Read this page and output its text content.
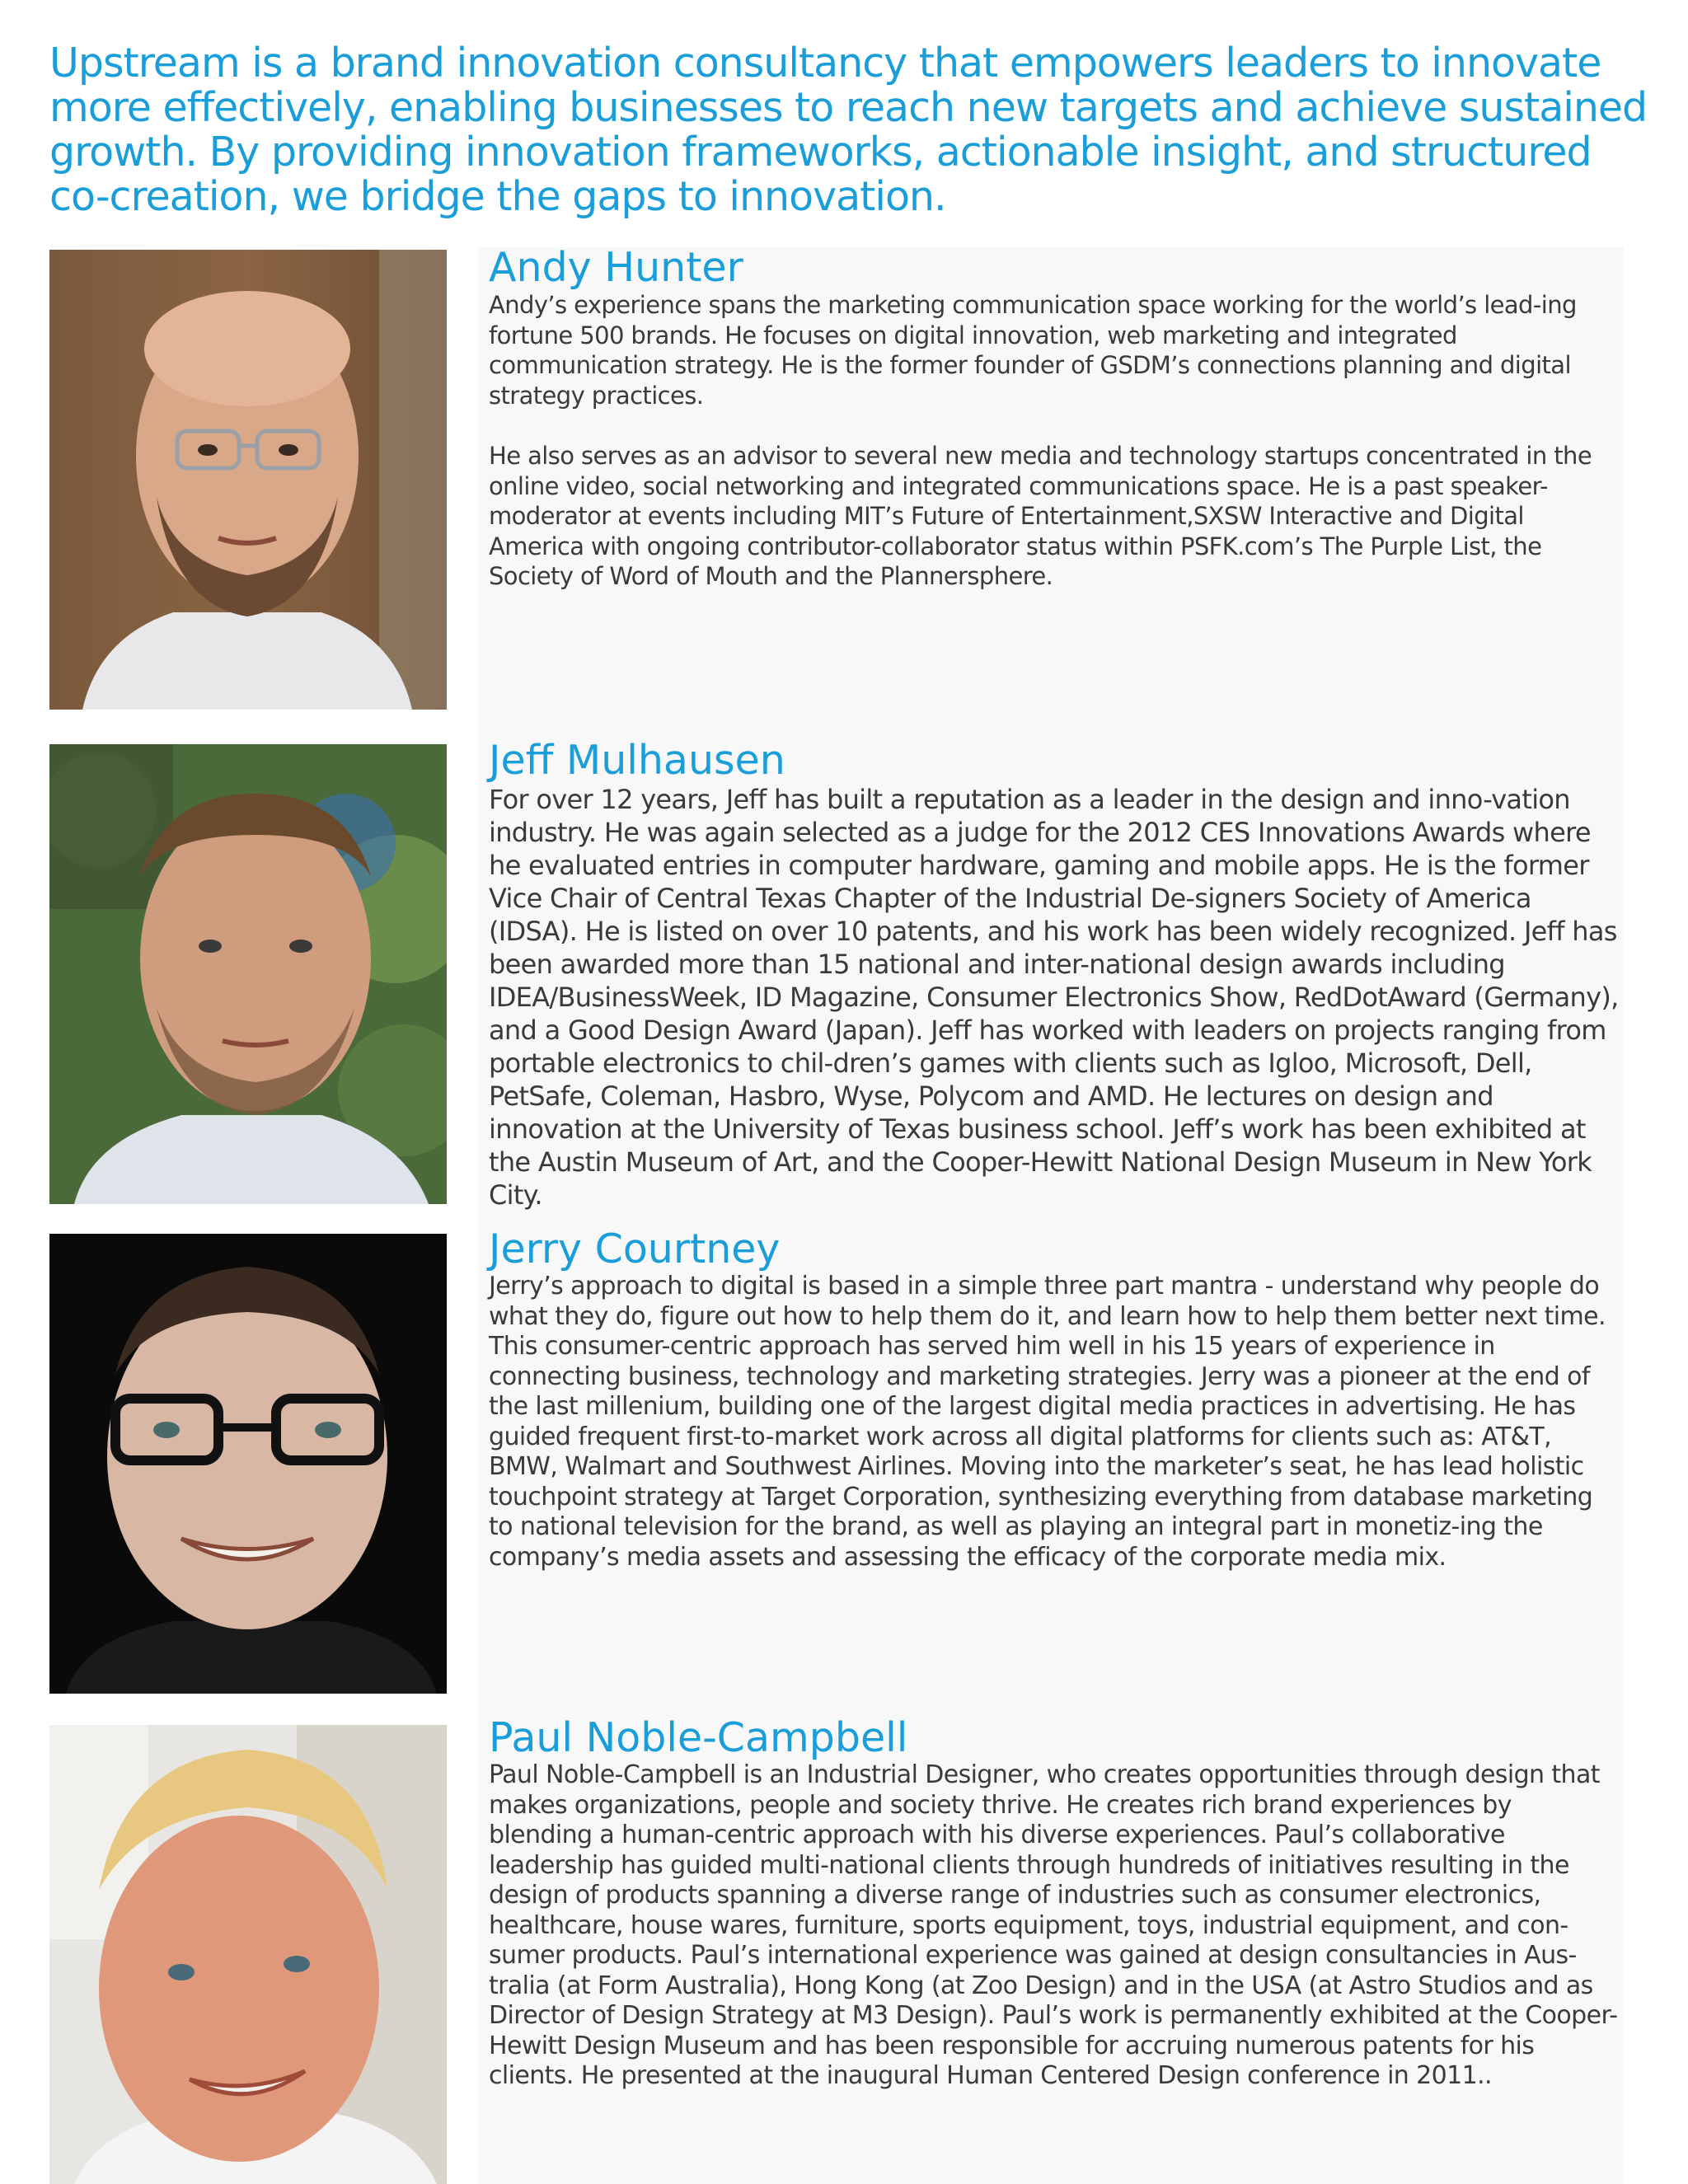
Upstream is a brand innovation consultancy that empowers leaders to innovate more effectively, enabling businesses to reach new targets and achieve sustained growth. By providing innovation frameworks, actionable insight, and structured co-creation, we bridge the gaps to innovation.
Andy Hunter

Andy’s experience spans the marketing communication space working for the world’s lead-ing fortune 500 brands. He focuses on digital innovation, web marketing and integrated communication strategy. He is the former founder of GSDM’s connections planning and digital strategy practices.

He also serves as an advisor to several new media and technology startups concentrated in the online video, social networking and integrated communications space. He is a past speaker-moderator at events including MIT’s Future of Entertainment,SXSW Interactive and Digital America with ongoing contributor-collaborator status within PSFK.com’s The Purple List, the Society of Word of Mouth and the Plannersphere.

Jeff Mulhausen

For over 12 years, Jeff has built a reputation as a leader in the design and inno-vation industry. He was again selected as a judge for the 2012 CES Innovations Awards where he evaluated entries in computer hardware, gaming and mobile apps. He is the former Vice Chair of Central Texas Chapter of the Industrial De-signers Society of America (IDSA). He is listed on over 10 patents, and his work has been widely recognized. Jeff has been awarded more than 15 national and inter-national design awards including IDEA/BusinessWeek, ID Magazine, Consumer Electronics Show, RedDotAward (Germany), and a Good Design Award (Japan). Jeff has worked with leaders on projects ranging from portable electronics to chil-dren’s games with clients such as Igloo, Microsoft, Dell, PetSafe, Coleman, Hasbro, Wyse, Polycom and AMD. He lectures on design and innovation at the University of Texas business school. Jeff’s work has been exhibited at the Austin Museum of Art, and the Cooper-Hewitt National Design Museum in New York City.

Jerry Courtney

Jerry’s approach to digital is based in a simple three part mantra - understand why people do what they do, figure out how to help them do it, and learn how to help them better next time. This consumer-centric approach has served him well in his 15 years of experience in connecting business, technology and marketing strategies. Jerry was a pioneer at the end of the last millenium, building one of the largest digital media practices in advertising. He has guided frequent first-to-market work across all digital platforms for clients such as: AT&T, BMW, Walmart and Southwest Airlines. Moving into the marketer’s seat, he has lead holistic touchpoint strategy at Target Corporation, synthesizing everything from database marketing to national television for the brand, as well as playing an integral part in monetiz-ing the company’s media assets and assessing the efficacy of the corporate media mix.

Paul Noble-Campbell

Paul Noble-Campbell is an Industrial Designer, who creates opportunities through design that makes organizations, people and society thrive. He creates rich brand experiences by blending a human-centric approach with his diverse experiences. Paul’s collaborative leadership has guided multi-national clients through hundreds of initiatives resulting in the design of products spanning a diverse range of industries such as consumer electronics, healthcare, house wares, furniture, sports equipment, toys, industrial equipment, and con-sumer products. Paul’s international experience was gained at design consultancies in Aus-tralia (at Form Australia), Hong Kong (at Zoo Design) and in the USA (at Astro Studios and as Director of Design Strategy at M3 Design). Paul’s work is permanently exhibited at the Cooper-Hewitt Design Museum and has been responsible for accruing numerous patents for his clients. He presented at the inaugural Human Centered Design conference in 2011..
